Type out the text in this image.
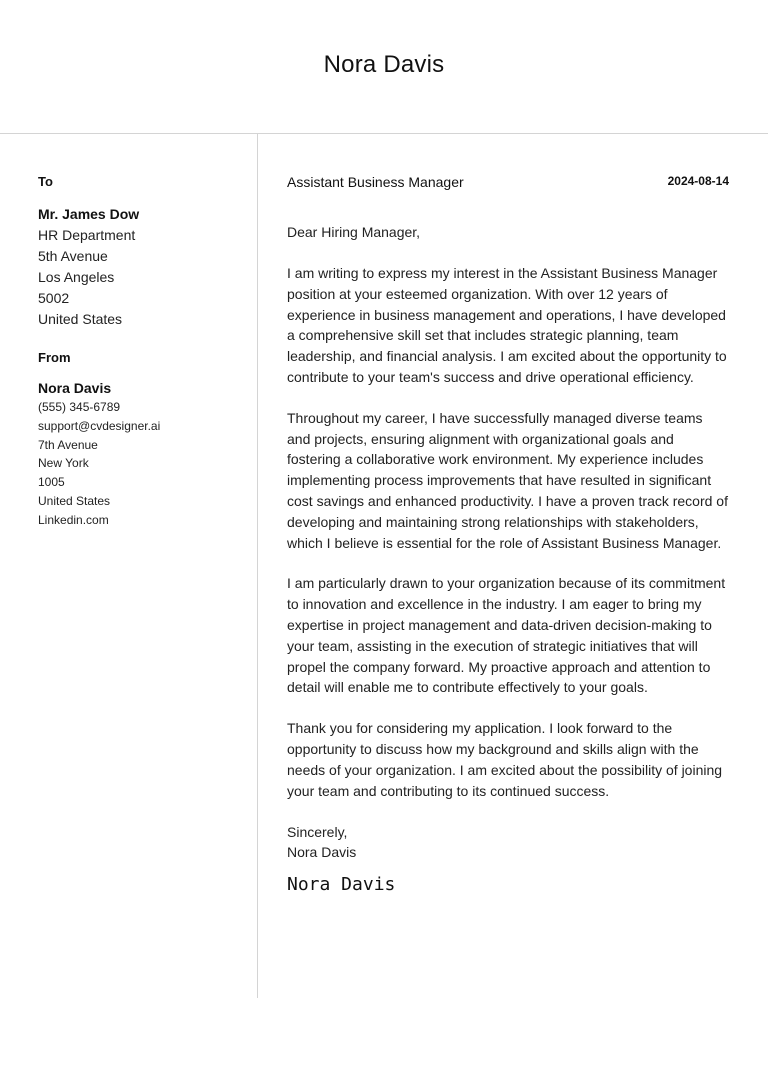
Nora Davis
To
Mr. James Dow
HR Department
5th Avenue
Los Angeles
5002
United States
From
Nora Davis
(555) 345-6789
support@cvdesigner.ai
7th Avenue
New York
1005
United States
Linkedin.com
Assistant Business Manager	2024-08-14
Dear Hiring Manager,

I am writing to express my interest in the Assistant Business Manager position at your esteemed organization. With over 12 years of experience in business management and operations, I have developed a comprehensive skill set that includes strategic planning, team leadership, and financial analysis. I am excited about the opportunity to contribute to your team's success and drive operational efficiency.

Throughout my career, I have successfully managed diverse teams and projects, ensuring alignment with organizational goals and fostering a collaborative work environment. My experience includes implementing process improvements that have resulted in significant cost savings and enhanced productivity. I have a proven track record of developing and maintaining strong relationships with stakeholders, which I believe is essential for the role of Assistant Business Manager.

I am particularly drawn to your organization because of its commitment to innovation and excellence in the industry. I am eager to bring my expertise in project management and data-driven decision-making to your team, assisting in the execution of strategic initiatives that will propel the company forward. My proactive approach and attention to detail will enable me to contribute effectively to your goals.

Thank you for considering my application. I look forward to the opportunity to discuss how my background and skills align with the needs of your organization. I am excited about the possibility of joining your team and contributing to its continued success.

Sincerely,
Nora Davis
Nora Davis
